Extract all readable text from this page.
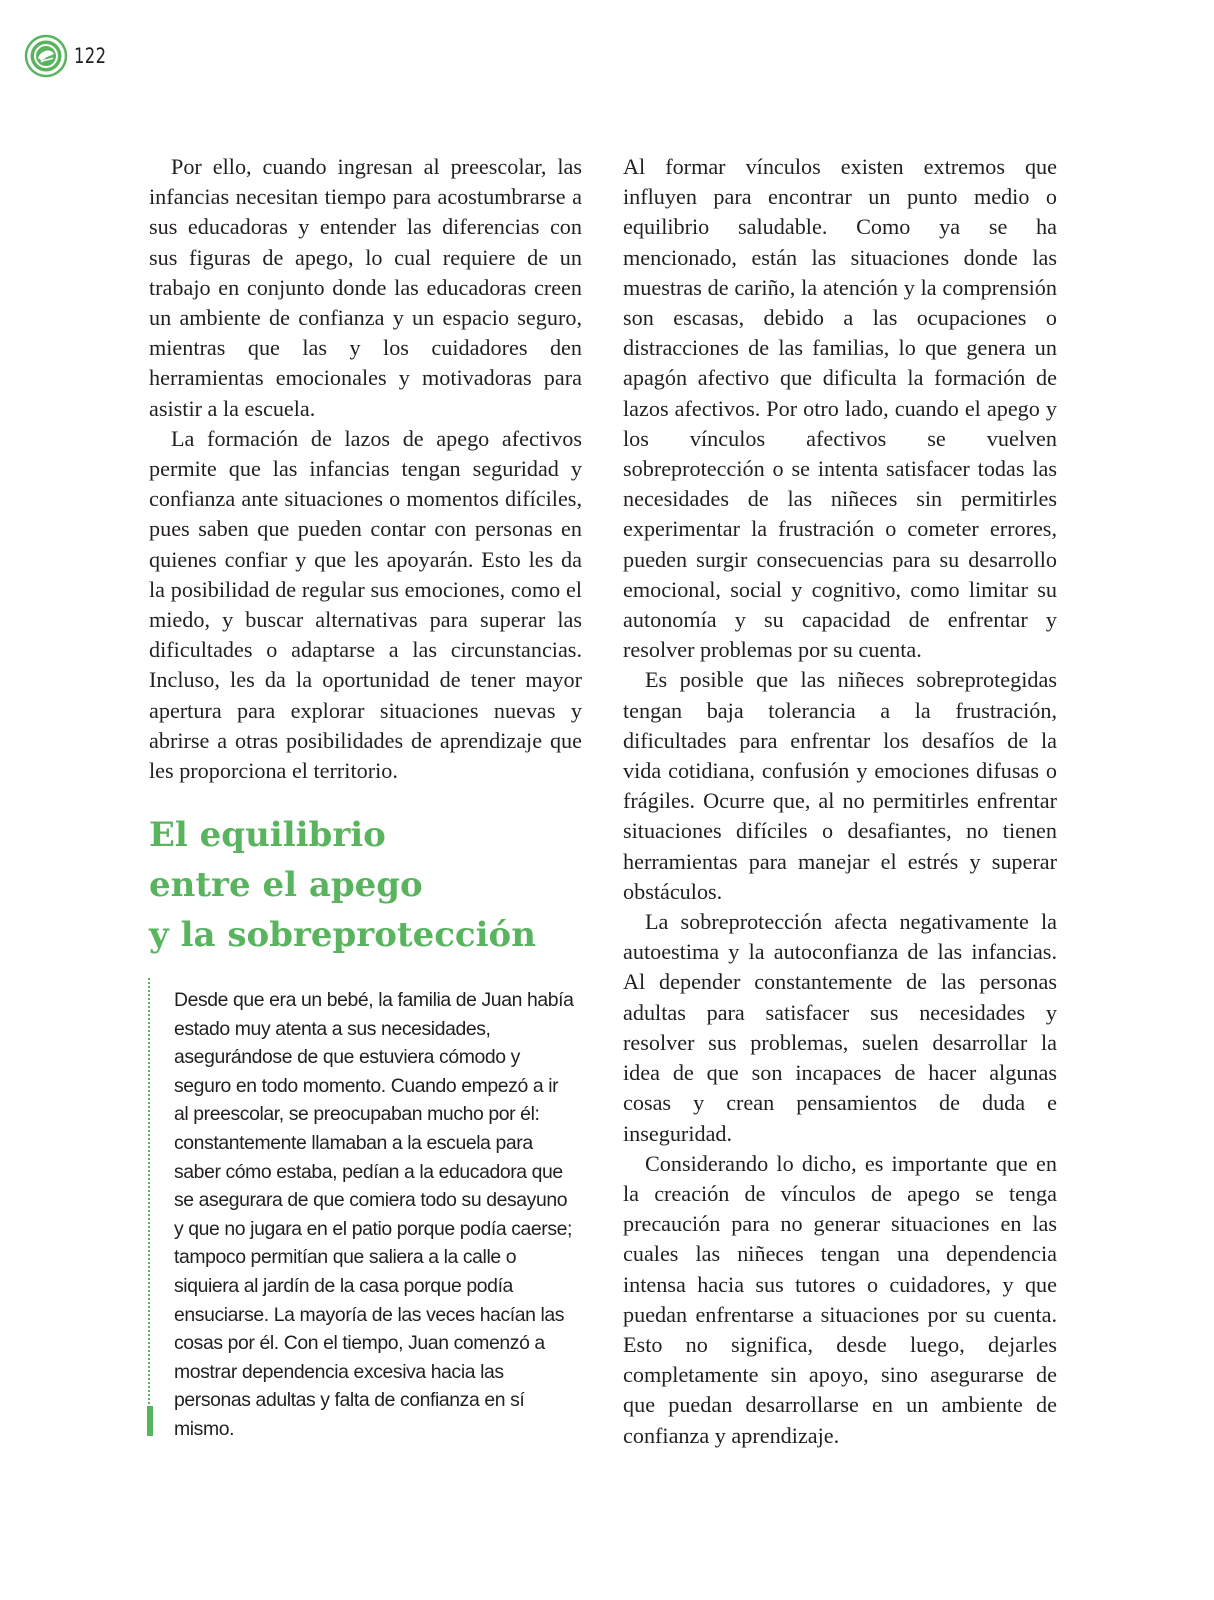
122

Por ello, cuando ingresan al preescolar, las infancias necesitan tiempo para acostumbrarse a sus educadoras y entender las diferencias con sus figuras de apego, lo cual requiere de un trabajo en conjunto donde las educadoras creen un ambiente de confianza y un espacio seguro, mientras que las y los cuidadores den herramientas emocionales y motivadoras para asistir a la escuela.

La formación de lazos de apego afectivos permite que las infancias tengan seguridad y confianza ante situaciones o momentos difíciles, pues saben que pueden contar con personas en quienes confiar y que les apoyarán. Esto les da la posibilidad de regular sus emociones, como el miedo, y buscar alternativas para superar las dificultades o adaptarse a las circunstancias. Incluso, les da la oportunidad de tener mayor apertura para explorar situaciones nuevas y abrirse a otras posibilidades de aprendizaje que les proporciona el territorio.

El equilibrio
entre el apego
y la sobreprotección

Desde que era un bebé, la familia de Juan había estado muy atenta a sus necesidades, asegurándose de que estuviera cómodo y seguro en todo momento. Cuando empezó a ir al preescolar, se preocupaban mucho por él: constantemente llamaban a la escuela para saber cómo estaba, pedían a la educadora que se asegurara de que comiera todo su desayuno y que no jugara en el patio porque podía caerse; tampoco permitían que saliera a la calle o siquiera al jardín de la casa porque podía ensuciarse. La mayoría de las veces hacían las cosas por él. Con el tiempo, Juan comenzó a mostrar dependencia excesiva hacia las personas adultas y falta de confianza en sí mismo.

Al formar vínculos existen extremos que influyen para encontrar un punto medio o equilibrio saludable. Como ya se ha mencionado, están las situaciones donde las muestras de cariño, la atención y la comprensión son escasas, debido a las ocupaciones o distracciones de las familias, lo que genera un apagón afectivo que dificulta la formación de lazos afectivos. Por otro lado, cuando el apego y los vínculos afectivos se vuelven sobreprotección o se intenta satisfacer todas las necesidades de las niñeces sin permitirles experimentar la frustración o cometer errores, pueden surgir consecuencias para su desarrollo emocional, social y cognitivo, como limitar su autonomía y su capacidad de enfrentar y resolver problemas por su cuenta.

Es posible que las niñeces sobreprotegidas tengan baja tolerancia a la frustración, dificultades para enfrentar los desafíos de la vida cotidiana, confusión y emociones difusas o frágiles. Ocurre que, al no permitirles enfrentar situaciones difíciles o desafiantes, no tienen herramientas para manejar el estrés y superar obstáculos.

La sobreprotección afecta negativamente la autoestima y la autoconfianza de las infancias. Al depender constantemente de las personas adultas para satisfacer sus necesidades y resolver sus problemas, suelen desarrollar la idea de que son incapaces de hacer algunas cosas y crean pensamientos de duda e inseguridad.

Considerando lo dicho, es importante que en la creación de vínculos de apego se tenga precaución para no generar situaciones en las cuales las niñeces tengan una dependencia intensa hacia sus tutores o cuidadores, y que puedan enfrentarse a situaciones por su cuenta. Esto no significa, desde luego, dejarles completamente sin apoyo, sino asegurarse de que puedan desarrollarse en un ambiente de confianza y aprendizaje.
